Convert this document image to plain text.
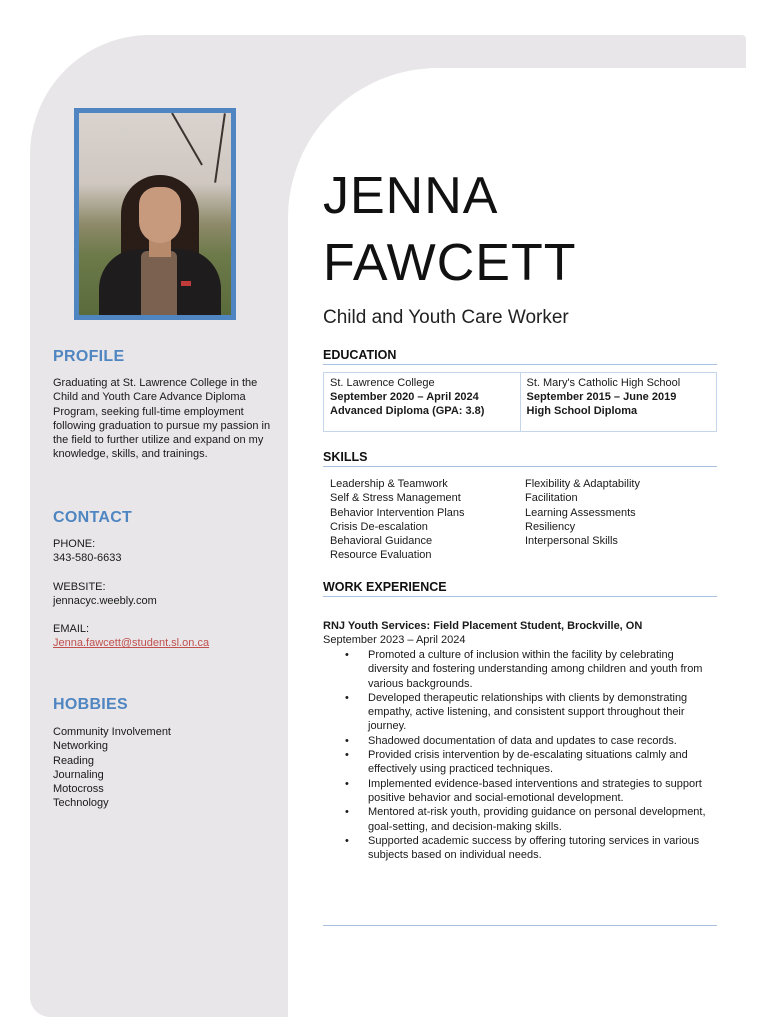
PROFILE

Graduating at St. Lawrence College in the Child and Youth Care Advance Diploma Program, seeking full-time employment following graduation to pursue my passion in the field to further utilize and expand on my knowledge, skills, and trainings.

CONTACT
PHONE:
343-580-6633
WEBSITE:
jennacyc.weebly.com
EMAIL:
Jenna.fawcett@student.sl.on.ca
HOBBIES
Community Involvement
Networking
Reading
Journaling
Motocross
Technology
JENNA
FAWCETT

Child and Youth Care Worker

EDUCATION
St. Lawrence College
September 2020 – April 2024
Advanced Diploma (GPA: 3.8)
St. Mary's Catholic High School
September 2015 – June 2019
High School Diploma
SKILLS
Leadership & Teamwork
Self & Stress Management
Behavior Intervention Plans
Crisis De-escalation
Behavioral Guidance
Resource Evaluation
Flexibility & Adaptability
Facilitation
Learning Assessments
Resiliency
Interpersonal Skills
WORK EXPERIENCE

RNJ Youth Services: Field Placement Student, Brockville, ON

September 2023 – April 2024

• Promoted a culture of inclusion within the facility by celebrating diversity and fostering understanding among children and youth from various backgrounds.
• Developed therapeutic relationships with clients by demonstrating empathy, active listening, and consistent support throughout their journey.
• Shadowed documentation of data and updates to case records.
• Provided crisis intervention by de-escalating situations calmly and effectively using practiced techniques.
• Implemented evidence-based interventions and strategies to support positive behavior and social-emotional development.
• Mentored at-risk youth, providing guidance on personal development, goal-setting, and decision-making skills.
• Supported academic success by offering tutoring services in various subjects based on individual needs.
